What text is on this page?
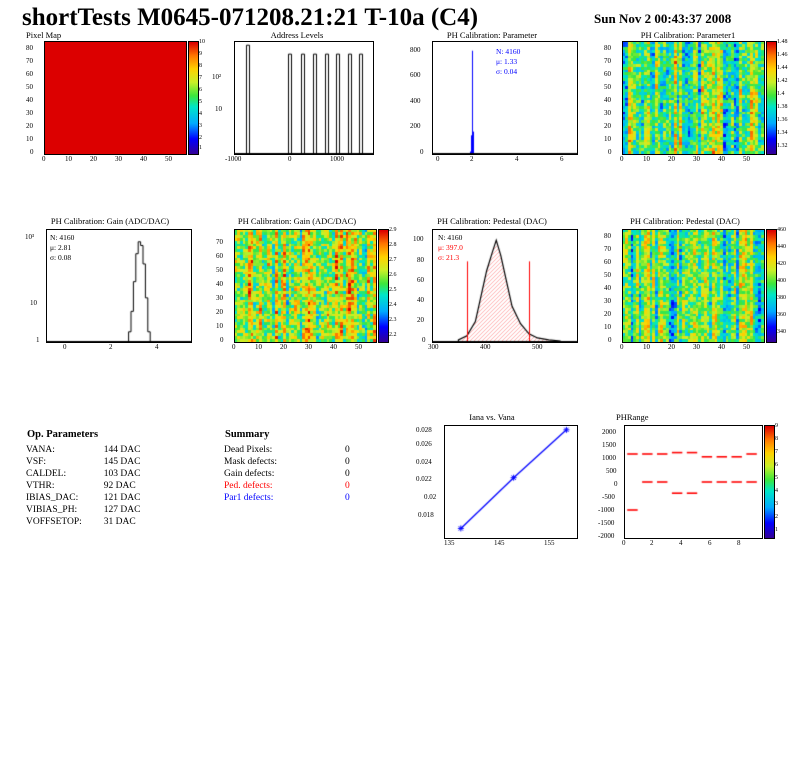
shortTests M0645-071208.21:21 T-10a (C4)	Sun Nov 2 00:43:37 2008
Pixel Map
0
10
20
30
40
50
60
70
80
0	10	20	30	40	50
10
9
8
7
6
5
4
3
2
1
Address Levels
10
10²
-1000	0	1000
PH Calibration: Parameter
0
200
400
600
800
0	2	4	6
N: 4160
μ: 1.33
σ: 0.04
PH Calibration: Parameter1
0
10
20
30
40
50
60
70
80
0	10	20	30	40	50
1.48
1.46
1.44
1.42
1.4
1.38
1.36
1.34
1.32
PH Calibration: Gain (ADC/DAC)
1
10
10³
0	2	4
N: 4160
μ: 2.81
σ: 0.08
PH Calibration: Gain (ADC/DAC)
0
10
20
30
40
50
60
70
0	10	20	30	40	50
2.9
2.8
2.7
2.6
2.5
2.4
2.3
2.2
PH Calibration: Pedestal (DAC)
0
20
40
60
80
100
300	400	500
N: 4160
μ: 397.0
σ: 21.3
PH Calibration: Pedestal (DAC)
0
10
20
30
40
50
60
70
80
0	10	20	30	40	50
460
440
420
400
380
360
340
Op. Parameters	
VANA:	144 DAC
VSF:	145 DAC
CALDEL:	103 DAC
VTHR:	92 DAC
IBIAS_DAC:	121 DAC
VIBIAS_PH:	127 DAC
VOFFSETOP:	31 DAC
Summary	
Dead Pixels:	0
Mask defects:	0
Gain defects:	0
Ped. defects:	0
Par1 defects:	0
Iana vs. Vana
0.018
0.02
0.022
0.024
0.026
0.028
135	145	155
PHRange
-2000
-1500
-1000
-500
0
500
1000
1500
2000
0	2	4	6	8
9
8
7
6
5
4
3
2
1
